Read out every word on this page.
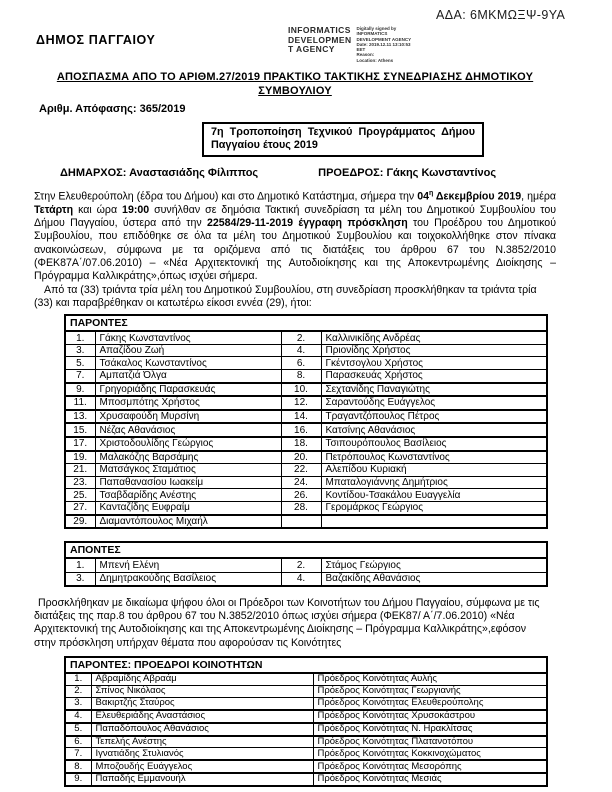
ΔΗΜΟΣ ΠΑΓΓΑΙΟΥ
INFORMATICS
DEVELOPMEN
T AGENCY
Digitally signed by
INFORMATICS
DEVELOPMENT AGENCY
Date: 2019.12.11 13:10:53
EET
Reason:
Location: Athens
ΑΔΑ: 6ΜΚΜΩΞΨ-9ΥΑ
ΑΠΟΣΠΑΣΜΑ ΑΠΟ ΤΟ ΑΡΙΘΜ.27/2019 ΠΡΑΚΤΙΚΟ ΤΑΚΤΙΚΗΣ ΣΥΝΕΔΡΙΑΣΗΣ ΔΗΜΟΤΙΚΟΥ ΣΥΜΒΟΥΛΙΟΥ
Αριθμ. Απόφασης: 365/2019
7η Τροποποίηση Τεχνικού Προγράμματος Δήμου Παγγαίου έτους 2019
ΔΗΜΑΡΧΟΣ: Αναστασιάδης Φίλιππος	ΠΡΟΕΔΡΟΣ: Γάκης Κωνσταντίνος
Στην Ελευθερούπολη (έδρα του Δήμου) και στο Δημοτικό Κατάστημα, σήμερα την $04^\eta$ Δεκεμβρίου 2019, ημέρα Τετάρτη και ώρα 19:00 συνήλθαν σε δημόσια Τακτική συνεδρίαση τα μέλη του Δημοτικού Συμβουλίου του Δήμου Παγγαίου, ύστερα από την 22584/29-11-2019 έγγραφη πρόσκληση του Προέδρου του Δημοτικού Συμβουλίου, που επιδόθηκε σε όλα τα μέλη του Δημοτικού Συμβουλίου και τοιχοκολλήθηκε στον πίνακα ανακοινώσεων, σύμφωνα με τα οριζόμενα από τις διατάξεις του άρθρου 67 του Ν.3852/2010 (ΦΕΚ87Α΄/07.06.2010) – «Νέα Αρχιτεκτονική της Αυτοδιοίκησης και της Αποκεντρωμένης Διοίκησης – Πρόγραμμα Καλλικράτης»,όπως ισχύει σήμερα.
Από τα (33) τριάντα τρία μέλη του Δημοτικού Συμβουλίου, στη συνεδρίαση προσκλήθηκαν τα τριάντα τρία (33) και παραβρέθηκαν οι κατωτέρω είκοσι εννέα (29), ήτοι:
ΠΑΡΟΝΤΕΣ			
1.	Γάκης Κωνσταντίνος	2.	Καλλινικίδης Ανδρέας
3.	Απαζίδου Ζωή	4.	Πριονίδης Χρήστος
5.	Τσάκαλος Κωνσταντίνος	6.	Γκέντσογλου Χρήστος
7.	Αμπατζιά Όλγα	8.	Παρασκευάς Χρήστος
9.	Γρηγοριάδης Παρασκευάς	10.	Σεχτανίδης Παναγιώτης
11.	Μποσμπότης Χρήστος	12.	Σαραντούδης Ευάγγελος
13.	Χρυσαφούδη Μυρσίνη	14.	Τραγαντζόπουλος Πέτρος
15.	Νέζας Αθανάσιος	16.	Κατσίνης Αθανάσιος
17.	Χριστοδουλίδης Γεώργιος	18.	Τσιπουρόπουλος Βασίλειος
19.	Μαλακόζης Βαρσάμης	20.	Πετρόπουλος Κωνσταντίνος
21.	Ματσάγκος Σταμάτιος	22.	Αλεπίδου Κυριακή
23.	Παπαθανασίου Ιωακείμ	24.	Μπαταλογιάννης Δημήτριος
25.	Τσαβδαρίδης Ανέστης	26.	Κοντίδου-Τσακάλου Ευαγγελία
27.	Κανταζίδης Ευφραίμ	28.	Γερομάρκος Γεώργιος
29.	Διαμαντόπουλος Μιχαήλ		
ΑΠΟΝΤΕΣ			
1.	Μπενή Ελένη	2.	Στάμος Γεώργιος
3.	Δημητρακούδης Βασίλειος	4.	Βαζακίδης Αθανάσιος
Προσκλήθηκαν με δικαίωμα ψήφου όλοι οι Πρόεδροι των Κοινοτήτων του Δήμου Παγγαίου, σύμφωνα με τις διατάξεις της παρ.8 του άρθρου 67 του Ν.3852/2010 όπως ισχύει σήμερα (ΦΕΚ87/ Α΄/7.06.2010) «Νέα Αρχιτεκτονική της Αυτοδιοίκησης και της Αποκεντρωμένης Διοίκησης – Πρόγραμμα Καλλικράτης»,εφόσον στην πρόσκληση υπήρχαν θέματα που αφορούσαν τις Κοινότητες
ΠΑΡΟΝΤΕΣ: ΠΡΟΕΔΡΟΙ ΚΟΙΝΟΤΗΤΩΝ		
1.	Αβραμίδης Αβραάμ	Πρόεδρος Κοινότητας Αυλής
2.	Σπίνος Νικόλαος	Πρόεδρος Κοινότητας Γεωργιανής
3.	Βακιρτζής Σταύρος	Πρόεδρος Κοινότητας Ελευθερούπολης
4.	Ελευθεριάδης Αναστάσιος	Πρόεδρος Κοινότητας Χρυσοκάστρου
5.	Παπαδόπουλος Αθανάσιος	Πρόεδρος Κοινότητας Ν. Ηρακλίτσας
6.	Τεπελής Ανέστης	Πρόεδρος Κοινότητας Πλατανοτόπου
7.	Ιγνατιάδης Στυλιανός	Πρόεδρος Κοινότητας Κοκκινοχώματος
8.	Μποζουδής Ευάγγελος	Πρόεδρος Κοινότητας Μεσορόπης
9.	Παπαδής Εμμανουήλ	Πρόεδρος Κοινότητας Μεσιάς
